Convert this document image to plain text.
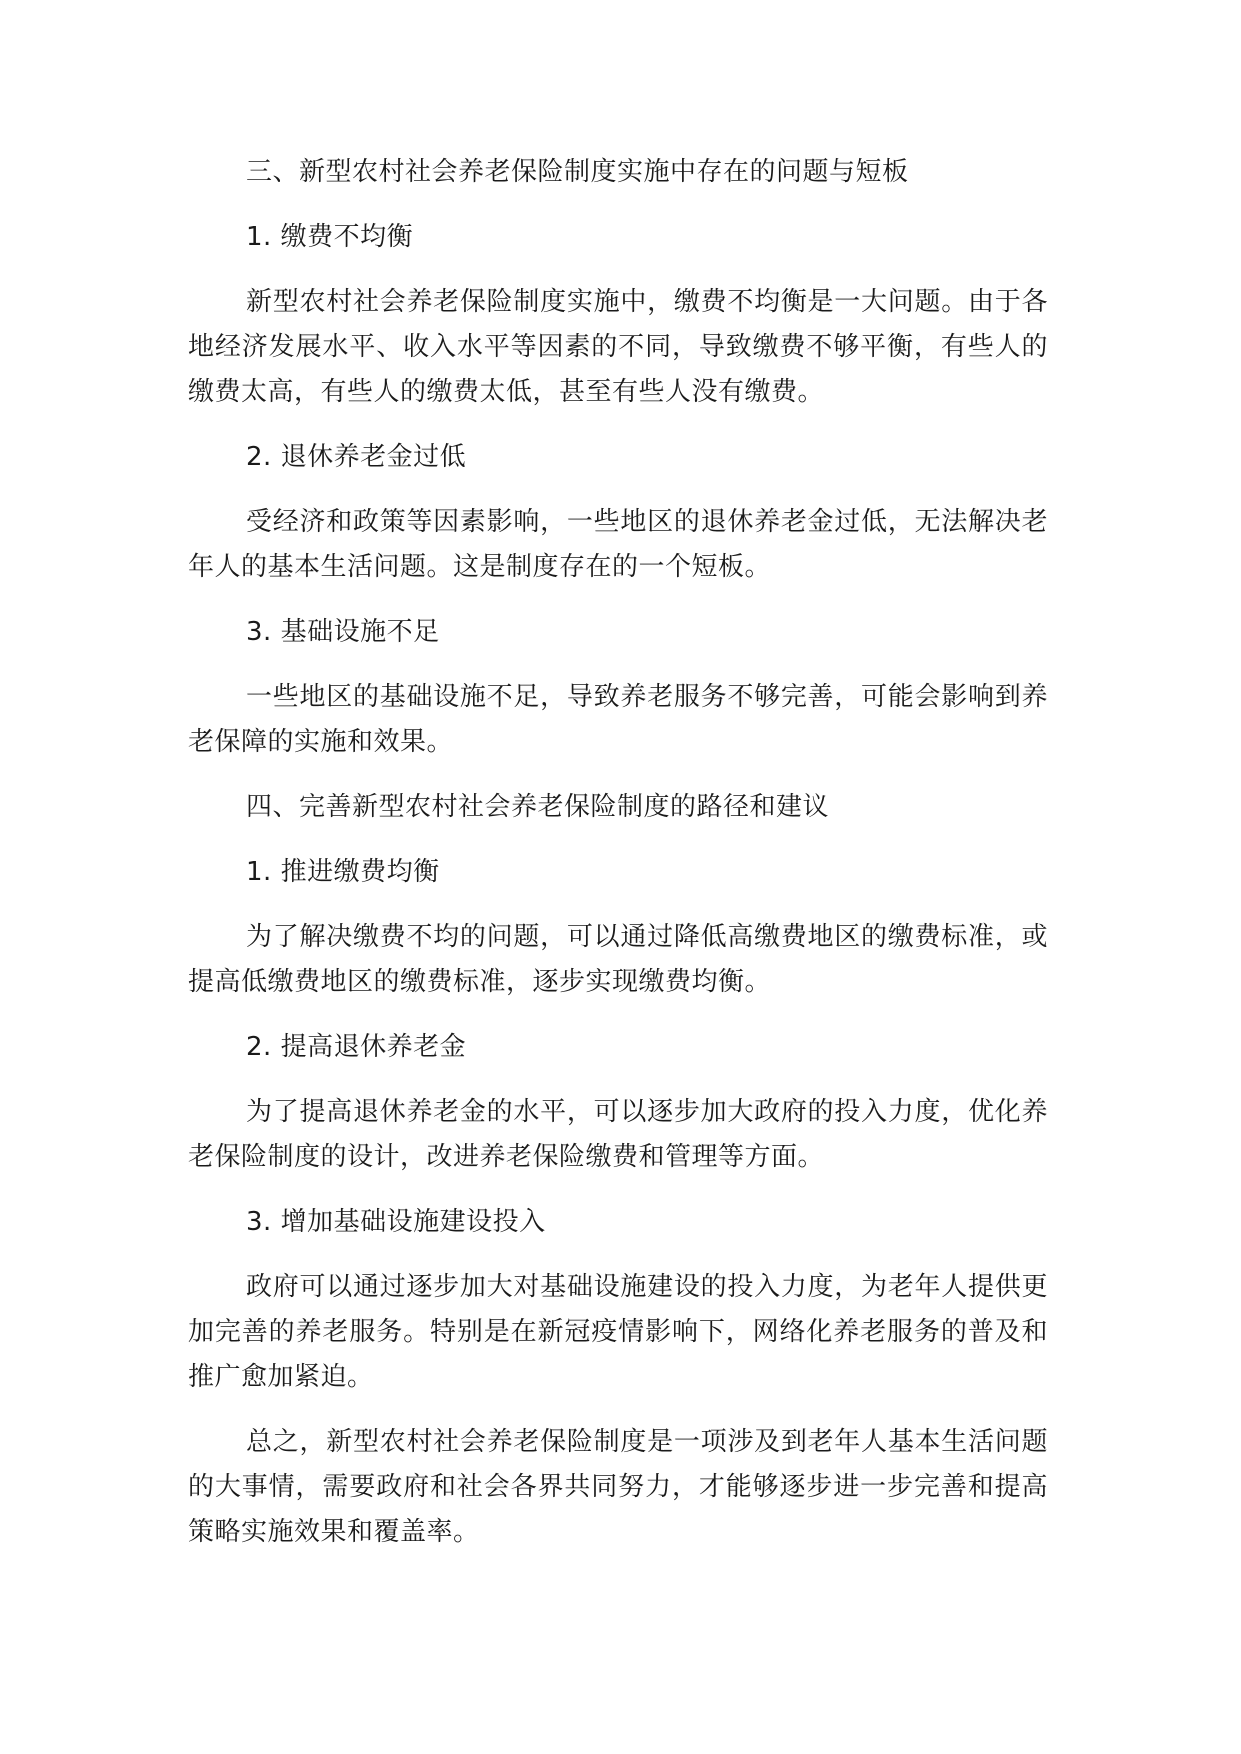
三、新型农村社会养老保险制度实施中存在的问题与短板

1. 缴费不均衡

新型农村社会养老保险制度实施中，缴费不均衡是一大问题。由于各地经济发展水平、收入水平等因素的不同，导致缴费不够平衡，有些人的缴费太高，有些人的缴费太低，甚至有些人没有缴费。

2. 退休养老金过低

受经济和政策等因素影响，一些地区的退休养老金过低，无法解决老年人的基本生活问题。这是制度存在的一个短板。

3. 基础设施不足

一些地区的基础设施不足，导致养老服务不够完善，可能会影响到养老保障的实施和效果。

四、完善新型农村社会养老保险制度的路径和建议

1. 推进缴费均衡

为了解决缴费不均的问题，可以通过降低高缴费地区的缴费标准，或提高低缴费地区的缴费标准，逐步实现缴费均衡。

2. 提高退休养老金

为了提高退休养老金的水平，可以逐步加大政府的投入力度，优化养老保险制度的设计，改进养老保险缴费和管理等方面。

3. 增加基础设施建设投入

政府可以通过逐步加大对基础设施建设的投入力度，为老年人提供更加完善的养老服务。特别是在新冠疫情影响下，网络化养老服务的普及和推广愈加紧迫。

总之，新型农村社会养老保险制度是一项涉及到老年人基本生活问题的大事情，需要政府和社会各界共同努力，才能够逐步进一步完善和提高策略实施效果和覆盖率。
